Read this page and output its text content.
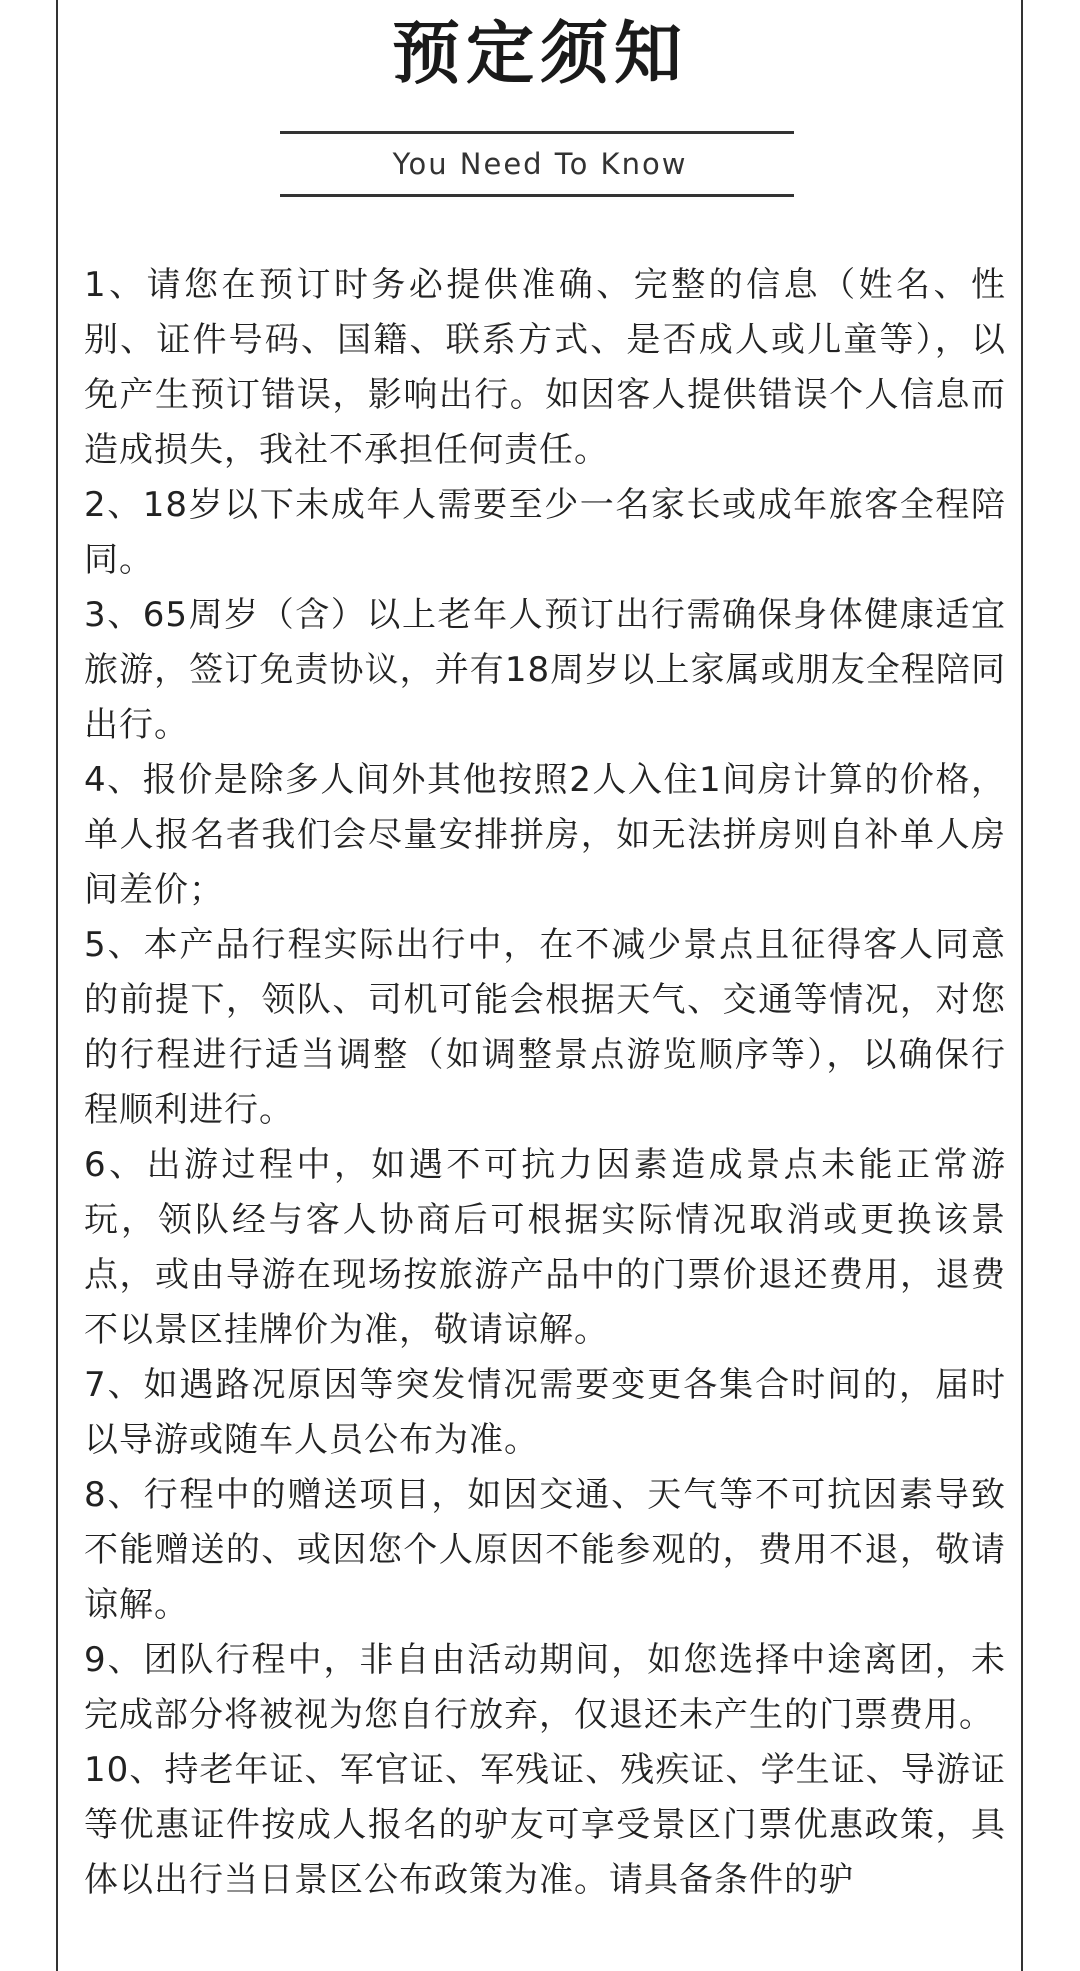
预定须知
You Need To Know
1、请您在预订时务必提供准确、完整的信息（姓名、性别、证件号码、国籍、联系方式、是否成人或儿童等），以免产生预订错误，影响出行。如因客人提供错误个人信息而造成损失，我社不承担任何责任。
2、18岁以下未成年人需要至少一名家长或成年旅客全程陪同。
3、65周岁（含）以上老年人预订出行需确保身体健康适宜旅游，签订免责协议，并有18周岁以上家属或朋友全程陪同出行。
4、报价是除多人间外其他按照2人入住1间房计算的价格，单人报名者我们会尽量安排拼房，如无法拼房则自补单人房间差价；
5、本产品行程实际出行中，在不减少景点且征得客人同意的前提下，领队、司机可能会根据天气、交通等情况，对您的行程进行适当调整（如调整景点游览顺序等），以确保行程顺利进行。
6、出游过程中，如遇不可抗力因素造成景点未能正常游玩，领队经与客人协商后可根据实际情况取消或更换该景点，或由导游在现场按旅游产品中的门票价退还费用，退费不以景区挂牌价为准，敬请谅解。
7、如遇路况原因等突发情况需要变更各集合时间的，届时以导游或随车人员公布为准。
8、行程中的赠送项目，如因交通、天气等不可抗因素导致不能赠送的、或因您个人原因不能参观的，费用不退，敬请谅解。
9、团队行程中，非自由活动期间，如您选择中途离团，未完成部分将被视为您自行放弃，仅退还未产生的门票费用。
10、持老年证、军官证、军残证、残疾证、学生证、导游证等优惠证件按成人报名的驴友可享受景区门票优惠政策，具体以出行当日景区公布政策为准。请具备条件的驴
